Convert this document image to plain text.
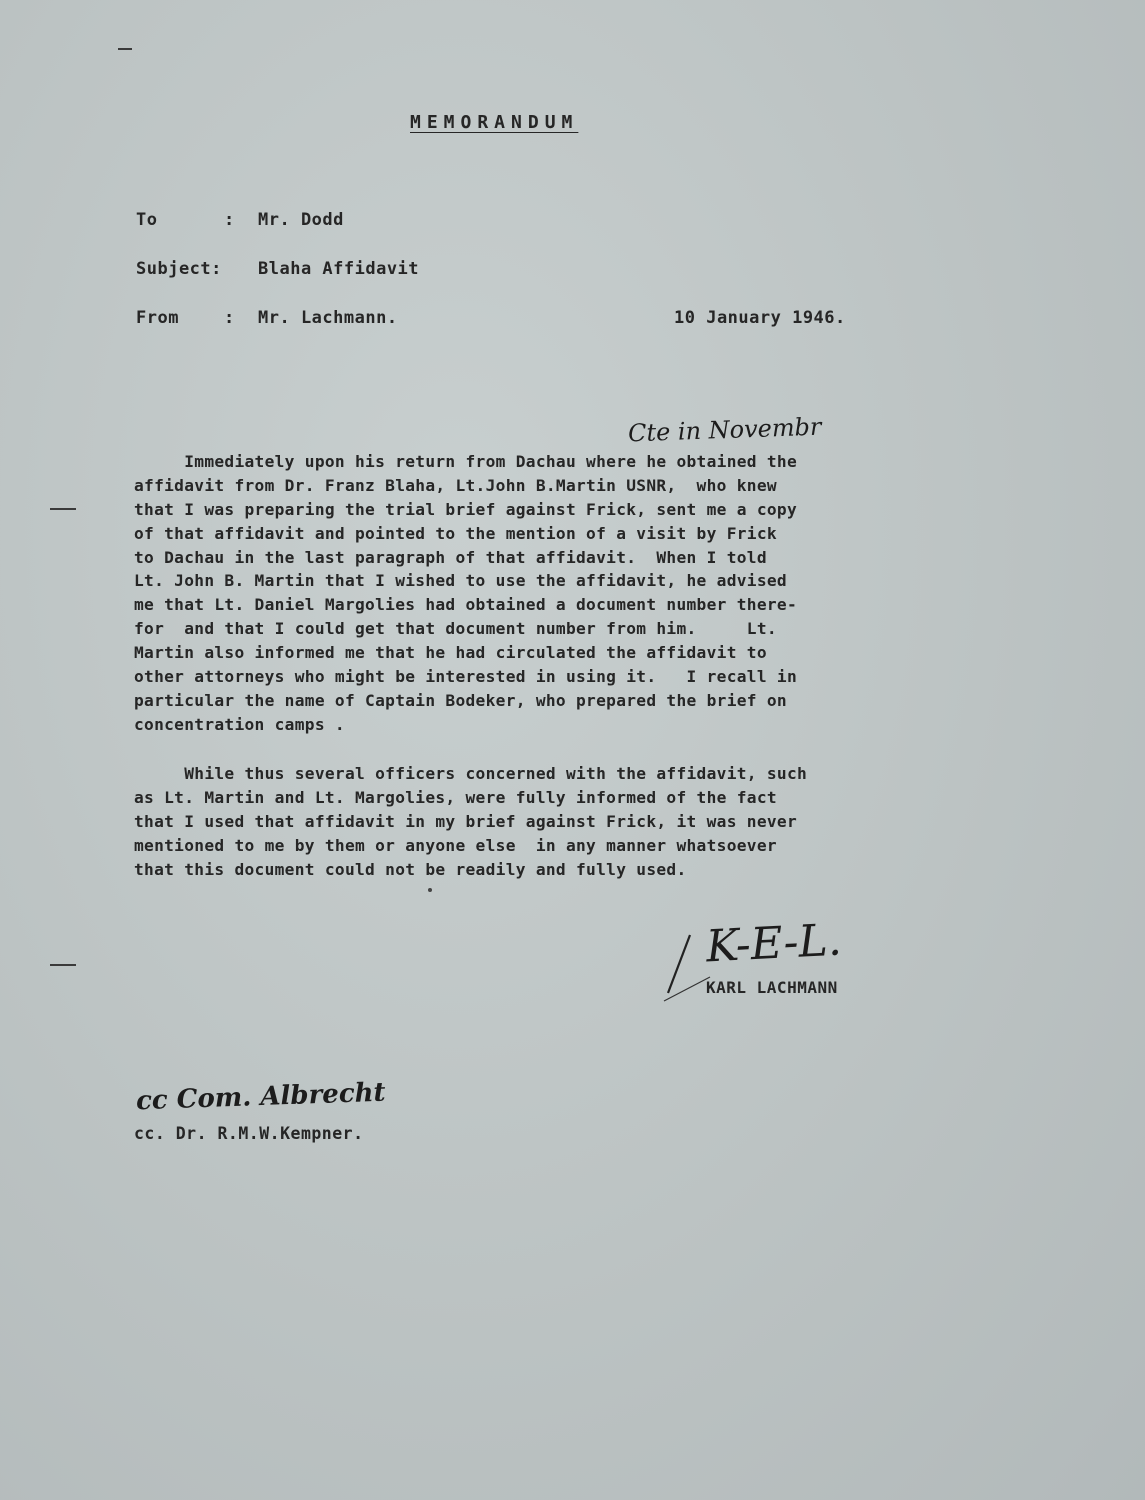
MEMORANDUM
To	: Mr. Dodd
Subject: Blaha Affidavit
From	: Mr. Lachmann.	10 January 1946.
Cte in Novembr
Immediately upon his return from Dachau where he obtained the
affidavit from Dr. Franz Blaha, Lt.John B.Martin USNR,  who knew
that I was preparing the trial brief against Frick, sent me a copy
of that affidavit and pointed to the mention of a visit by Frick
to Dachau in the last paragraph of that affidavit.  When I told
Lt. John B. Martin that I wished to use the affidavit, he advised
me that Lt. Daniel Margolies had obtained a document number there-
for  and that I could get that document number from him.     Lt.
Martin also informed me that he had circulated the affidavit to
other attorneys who might be interested in using it.   I recall in
particular the name of Captain Bodeker, who prepared the brief on
concentration camps .
While thus several officers concerned with the affidavit, such
as Lt. Martin and Lt. Margolies, were fully informed of the fact
that I used that affidavit in my brief against Frick, it was never
mentioned to me by them or anyone else  in any manner whatsoever
that this document could not be readily and fully used.
K-E-L.
KARL LACHMANN
cc Com. Albrecht
cc. Dr. R.M.W.Kempner.
